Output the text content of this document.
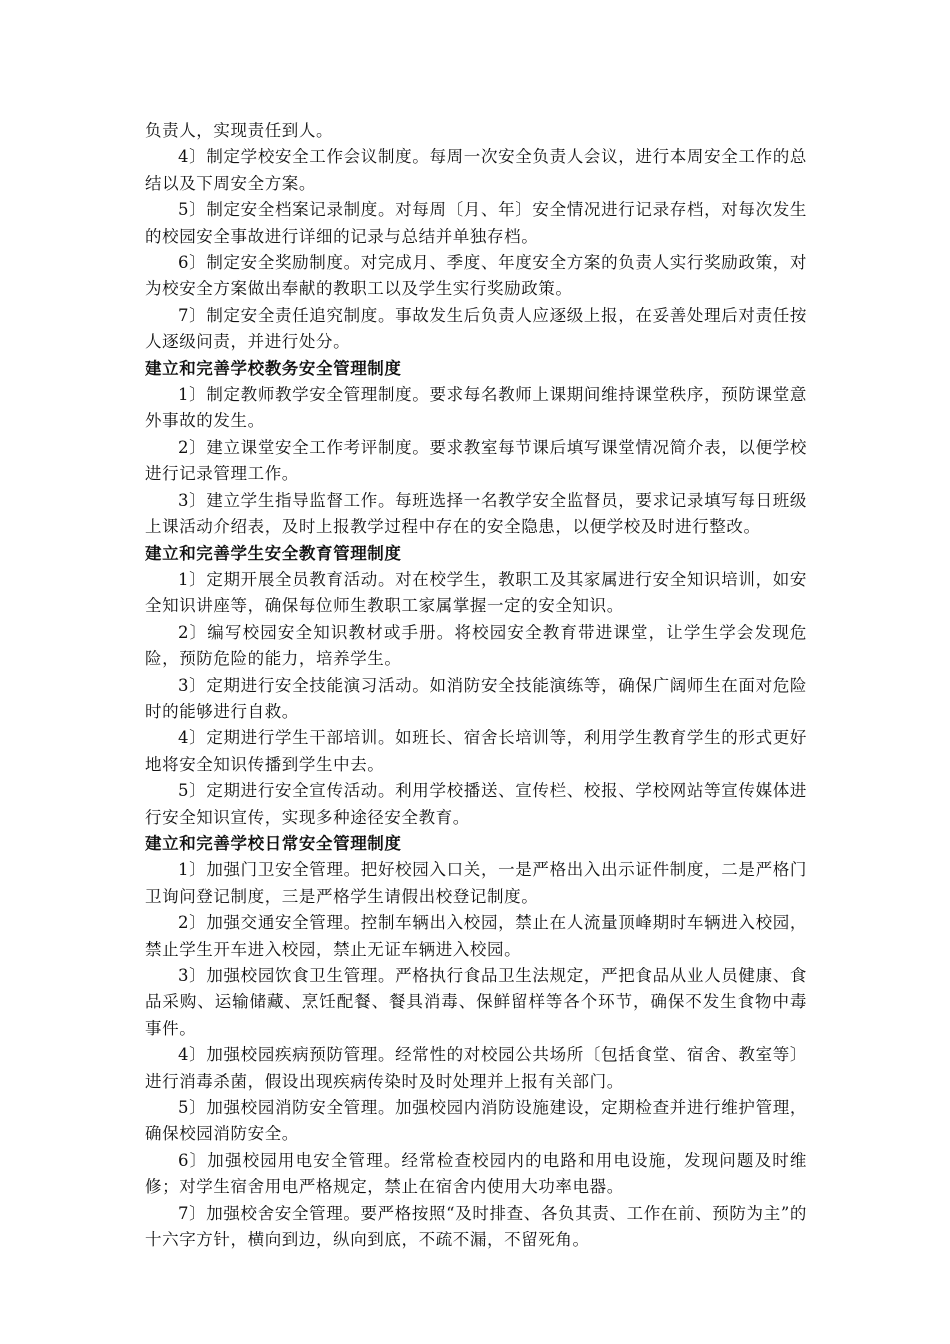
负责人，实现责任到人。

4〕制定学校安全工作会议制度。每周一次安全负责人会议，进行本周安全工作的总结以及下周安全方案。

5〕制定安全档案记录制度。对每周〔月、年〕安全情况进行记录存档，对每次发生的校园安全事故进行详细的记录与总结并单独存档。

6〕制定安全奖励制度。对完成月、季度、年度安全方案的负责人实行奖励政策，对为校安全方案做出奉献的教职工以及学生实行奖励政策。

7〕制定安全责任追究制度。事故发生后负责人应逐级上报，在妥善处理后对责任按人逐级问责，并进行处分。

建立和完善学校教务安全管理制度

1〕制定教师教学安全管理制度。要求每名教师上课期间维持课堂秩序，预防课堂意外事故的发生。

2〕建立课堂安全工作考评制度。要求教室每节课后填写课堂情况简介表，以便学校进行记录管理工作。

3〕建立学生指导监督工作。每班选择一名教学安全监督员，要求记录填写每日班级上课活动介绍表，及时上报教学过程中存在的安全隐患，以便学校及时进行整改。

建立和完善学生安全教育管理制度

1〕定期开展全员教育活动。对在校学生，教职工及其家属进行安全知识培训，如安全知识讲座等，确保每位师生教职工家属掌握一定的安全知识。

2〕编写校园安全知识教材或手册。将校园安全教育带进课堂，让学生学会发现危险，预防危险的能力，培养学生。

3〕定期进行安全技能演习活动。如消防安全技能演练等，确保广阔师生在面对危险时的能够进行自救。

4〕定期进行学生干部培训。如班长、宿舍长培训等，利用学生教育学生的形式更好地将安全知识传播到学生中去。

5〕定期进行安全宣传活动。利用学校播送、宣传栏、校报、学校网站等宣传媒体进行安全知识宣传，实现多种途径安全教育。

建立和完善学校日常安全管理制度

1〕加强门卫安全管理。把好校园入口关，一是严格出入出示证件制度，二是严格门卫询问登记制度，三是严格学生请假出校登记制度。

2〕加强交通安全管理。控制车辆出入校园，禁止在人流量顶峰期时车辆进入校园，禁止学生开车进入校园，禁止无证车辆进入校园。

3〕加强校园饮食卫生管理。严格执行食品卫生法规定，严把食品从业人员健康、食品采购、运输储藏、烹饪配餐、餐具消毒、保鲜留样等各个环节，确保不发生食物中毒事件。

4〕加强校园疾病预防管理。经常性的对校园公共场所〔包括食堂、宿舍、教室等〕进行消毒杀菌，假设出现疾病传染时及时处理并上报有关部门。

5〕加强校园消防安全管理。加强校园内消防设施建设，定期检查并进行维护管理，确保校园消防安全。

6〕加强校园用电安全管理。经常检查校园内的电路和用电设施，发现问题及时维修；对学生宿舍用电严格规定，禁止在宿舍内使用大功率电器。

7〕加强校舍安全管理。要严格按照“及时排查、各负其责、工作在前、预防为主”的十六字方针，横向到边，纵向到底，不疏不漏，不留死角。
